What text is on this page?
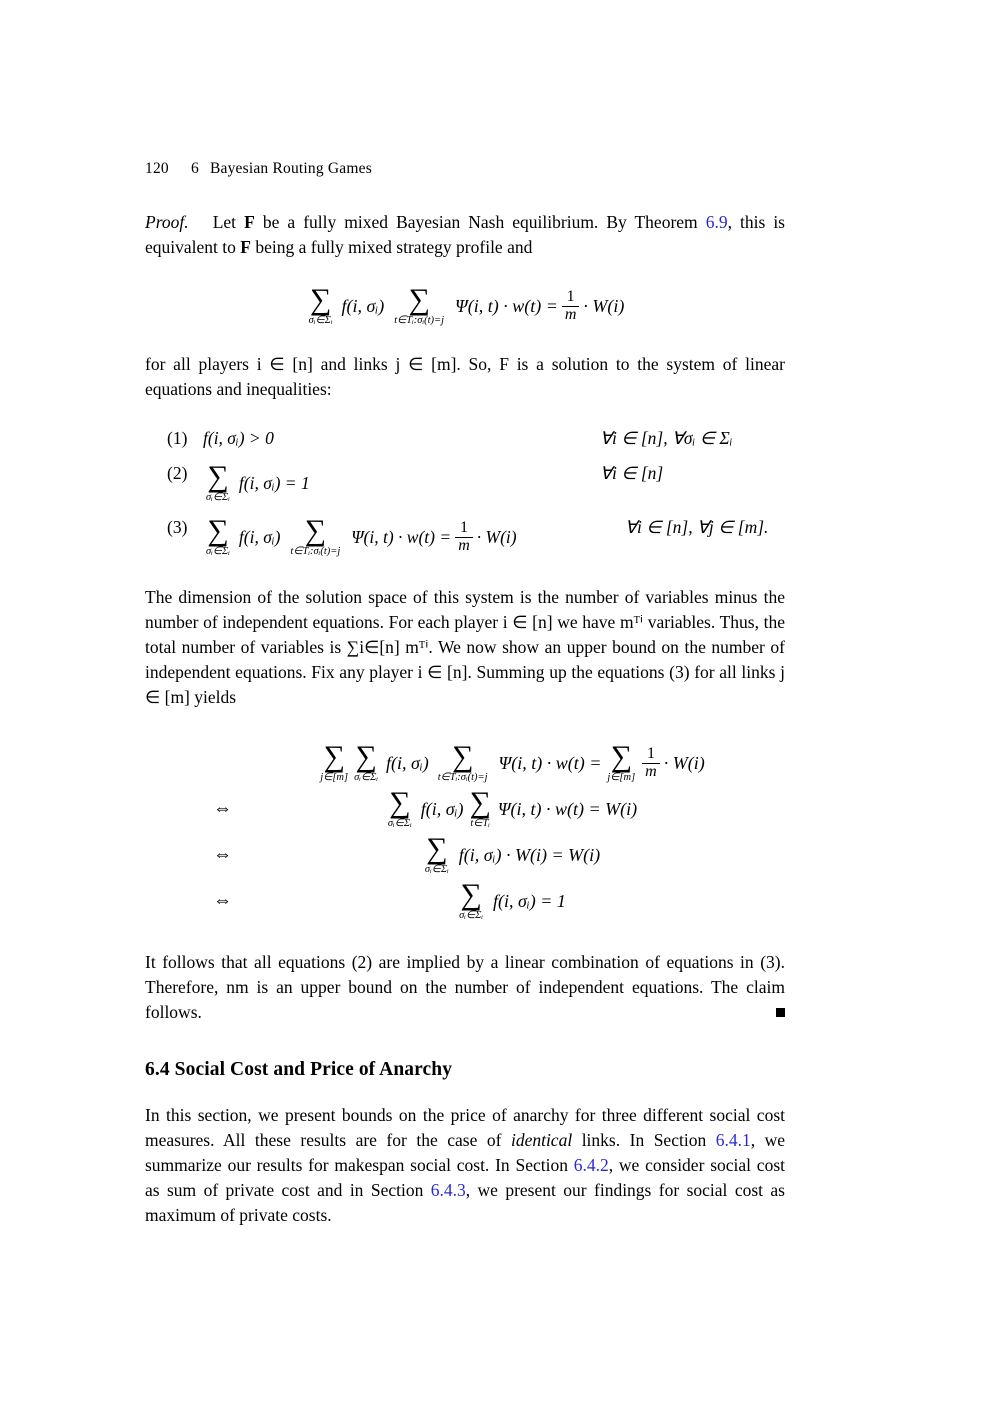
120 6 Bayesian Routing Games

Proof. Let F be a fully mixed Bayesian Nash equilibrium. By Theorem 6.9, this is equivalent to F being a fully mixed strategy profile and

∑
σᵢ∈Σᵢ
f(i, σᵢ) ∑
t∈Tᵢ:σᵢ(t)=j
Ψ(i, $t) \cdot w(t) = \frac{1}{m} \cdot W(i)$

for all players i ∈ [n] and links j ∈ [m]. So, F is a solution to the system of linear equations and inequalities:

(1) f(i, σᵢ) > 0	∀i ∈ [n], ∀σᵢ ∈ Σᵢ
(2) ∑
σᵢ∈Σᵢ
f(i, σᵢ) = 1	∀i ∈ [n]
(3) ∑
σᵢ∈Σᵢ
f(i, σᵢ) ∑
t∈Tᵢ:σᵢ(t)=j
Ψ(i, $t) \cdot w(t) = \frac{1}{m} \cdot W(i)$	∀i ∈ [n], ∀j ∈ [m].

The dimension of the solution space of this system is the number of variables minus the number of independent equations. For each player i ∈ [n] we have mᵀⁱ variables. Thus, the total number of variables is ∑i∈[n] mᵀⁱ. We now show an upper bound on the number of independent equations. Fix any player i ∈ [n]. Summing up the equations (3) for all links j ∈ [m] yields

∑
j∈[m]
∑
σᵢ∈Σᵢ
f(i, σᵢ) ∑
t∈Tᵢ:σᵢ(t)=j
Ψ(i, t) · w(t) = ∑
j∈[m] $\frac{1}{m} \cdot W(i)$
⇔	∑
σᵢ∈Σᵢ
f(i, σᵢ) ∑
t∈Tᵢ
Ψ(i, t) · w(t) = W(i)
⇔	∑
σᵢ∈Σᵢ
f(i, σᵢ) · W(i) = W(i)
⇔	∑
σᵢ∈Σᵢ
f(i, σᵢ) = 1

It follows that all equations (2) are implied by a linear combination of equations in (3). Therefore, nm is an upper bound on the number of independent equations. The claim follows.

6.4 Social Cost and Price of Anarchy

In this section, we present bounds on the price of anarchy for three different social cost measures. All these results are for the case of identical links. In Section 6.4.1, we summarize our results for makespan social cost. In Section 6.4.2, we consider social cost as sum of private cost and in Section 6.4.3, we present our findings for social cost as maximum of private costs.
